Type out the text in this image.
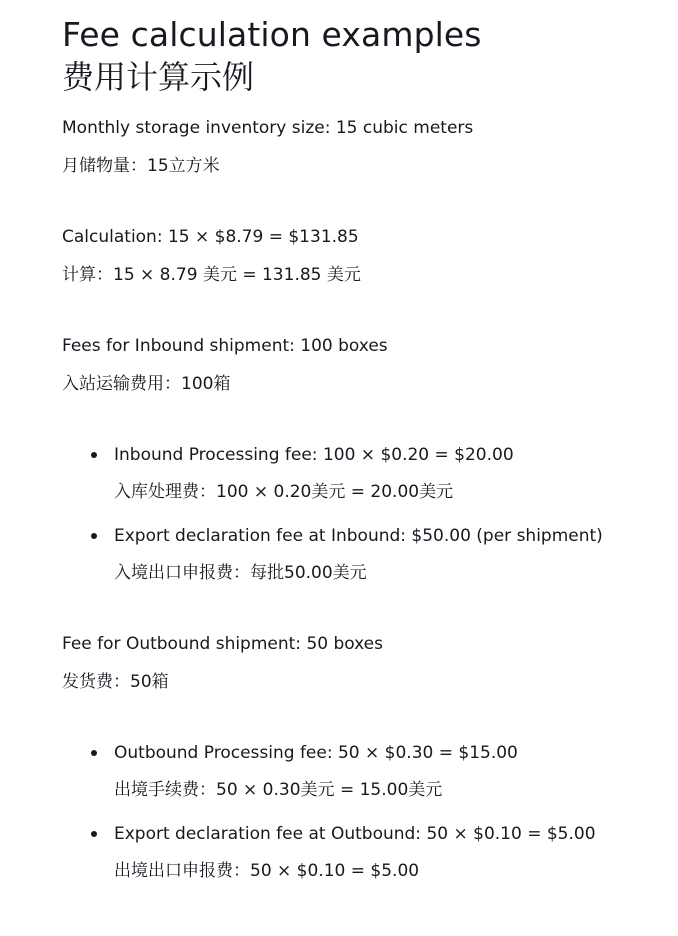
Fee calculation examples
费用计算示例

Monthly storage inventory size: 15 cubic meters

月储物量：15立方米

Calculation: 15 × $8.79 = $131.85

计算：15 × 8.79 美元 = 131.85 美元

Fees for Inbound shipment: 100 boxes

入站运输费用：100箱

Inbound Processing fee: 100 × $0.20 = $20.00

入库处理费：100 × 0.20美元 = 20.00美元

Export declaration fee at Inbound: $50.00 (per shipment)

入境出口申报费：每批50.00美元

Fee for Outbound shipment: 50 boxes

发货费：50箱

Outbound Processing fee: 50 × $0.30 = $15.00

出境手续费：50 × 0.30美元 = 15.00美元

Export declaration fee at Outbound: 50 × $0.10 = $5.00

出境出口申报费：50 × $0.10 = $5.00
